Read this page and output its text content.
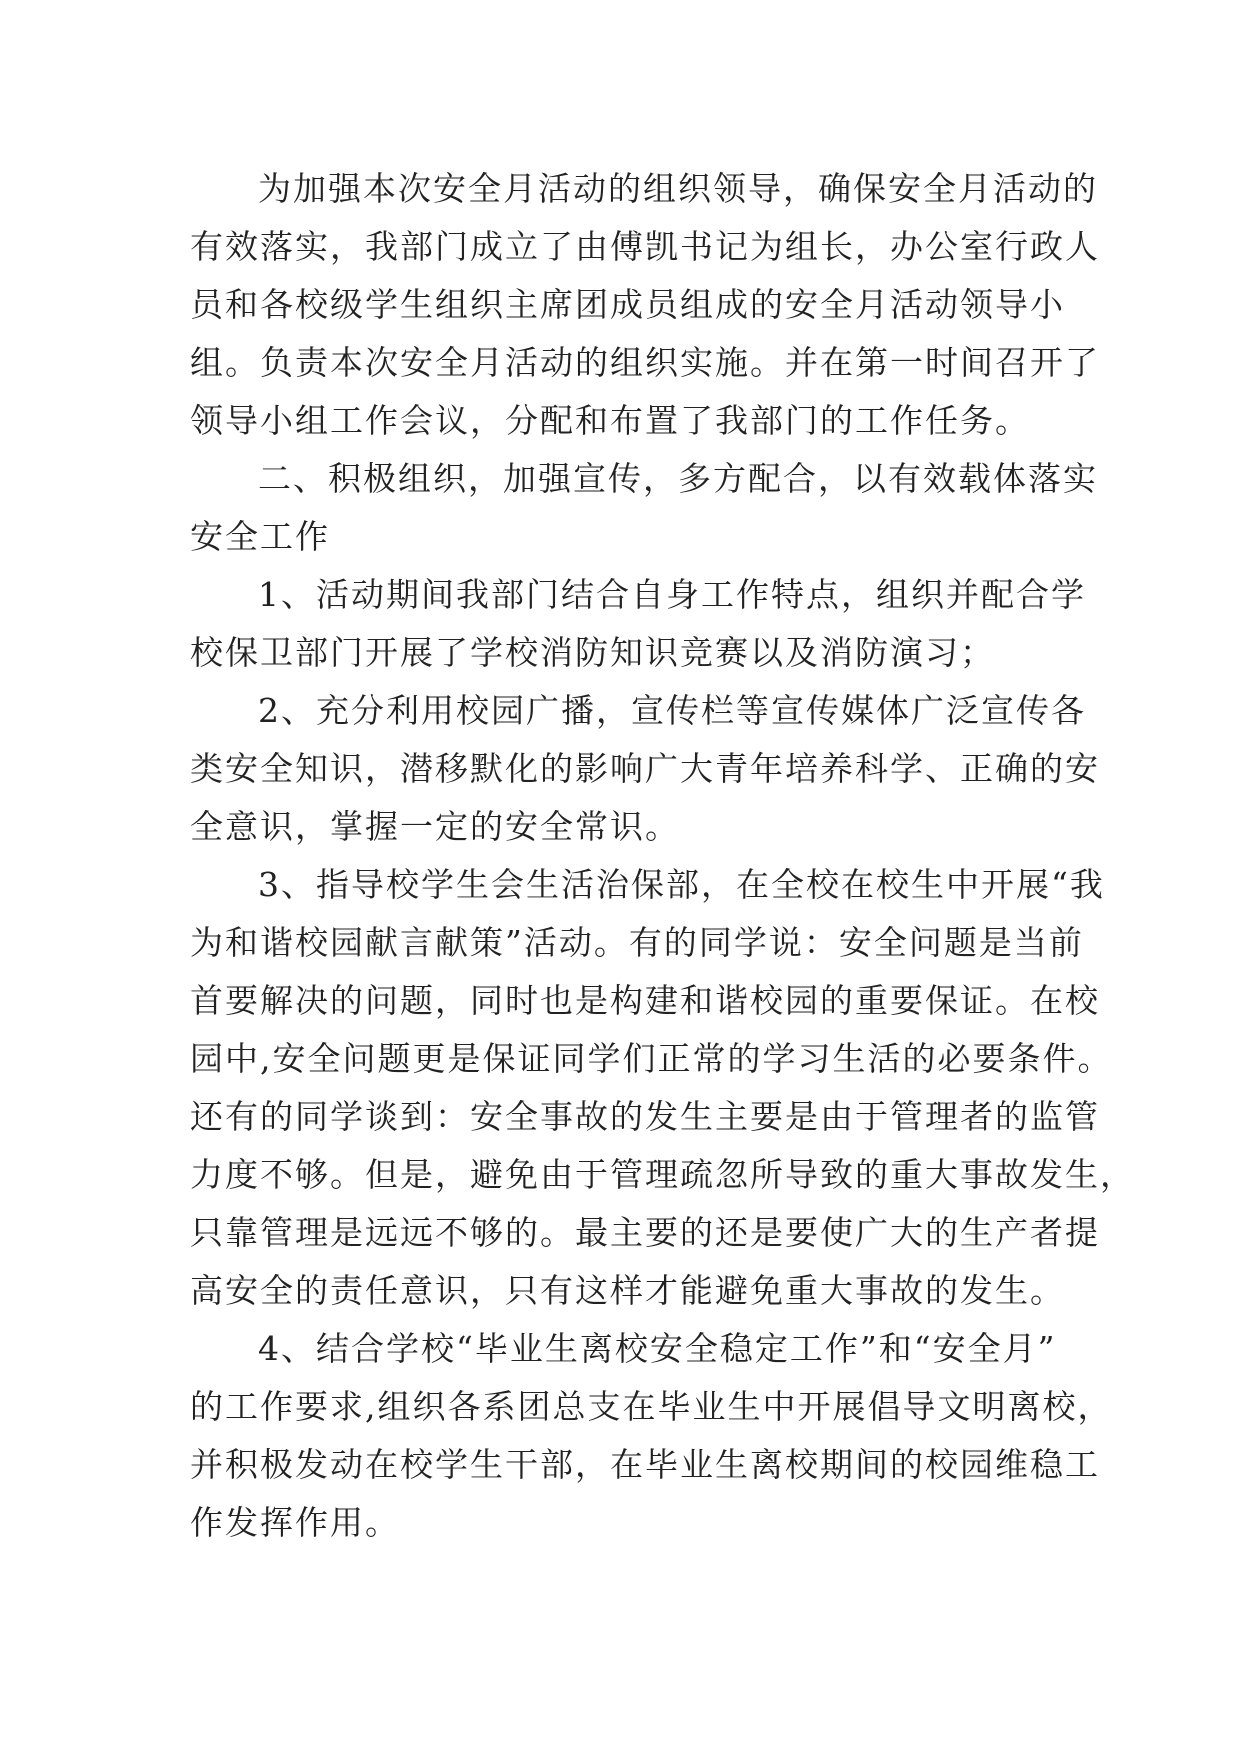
为加强本次安全月活动的组织领导，确保安全月活动的
有效落实，我部门成立了由傅凯书记为组长，办公室行政人
员和各校级学生组织主席团成员组成的安全月活动领导小
组。负责本次安全月活动的组织实施。并在第一时间召开了
领导小组工作会议，分配和布置了我部门的工作任务。
二、积极组织，加强宣传，多方配合，以有效载体落实
安全工作
1、活动期间我部门结合自身工作特点，组织并配合学
校保卫部门开展了学校消防知识竞赛以及消防演习；
2、充分利用校园广播，宣传栏等宣传媒体广泛宣传各
类安全知识，潜移默化的影响广大青年培养科学、正确的安
全意识，掌握一定的安全常识。
3、指导校学生会生活治保部，在全校在校生中开展“我
为和谐校园献言献策”活动。有的同学说：安全问题是当前
首要解决的问题，同时也是构建和谐校园的重要保证。在校
园中,安全问题更是保证同学们正常的学习生活的必要条件。
还有的同学谈到：安全事故的发生主要是由于管理者的监管
力度不够。但是，避免由于管理疏忽所导致的重大事故发生，
只靠管理是远远不够的。最主要的还是要使广大的生产者提
高安全的责任意识，只有这样才能避免重大事故的发生。
4、结合学校“毕业生离校安全稳定工作”和“安全月”
的工作要求,组织各系团总支在毕业生中开展倡导文明离校，
并积极发动在校学生干部，在毕业生离校期间的校园维稳工
作发挥作用。
